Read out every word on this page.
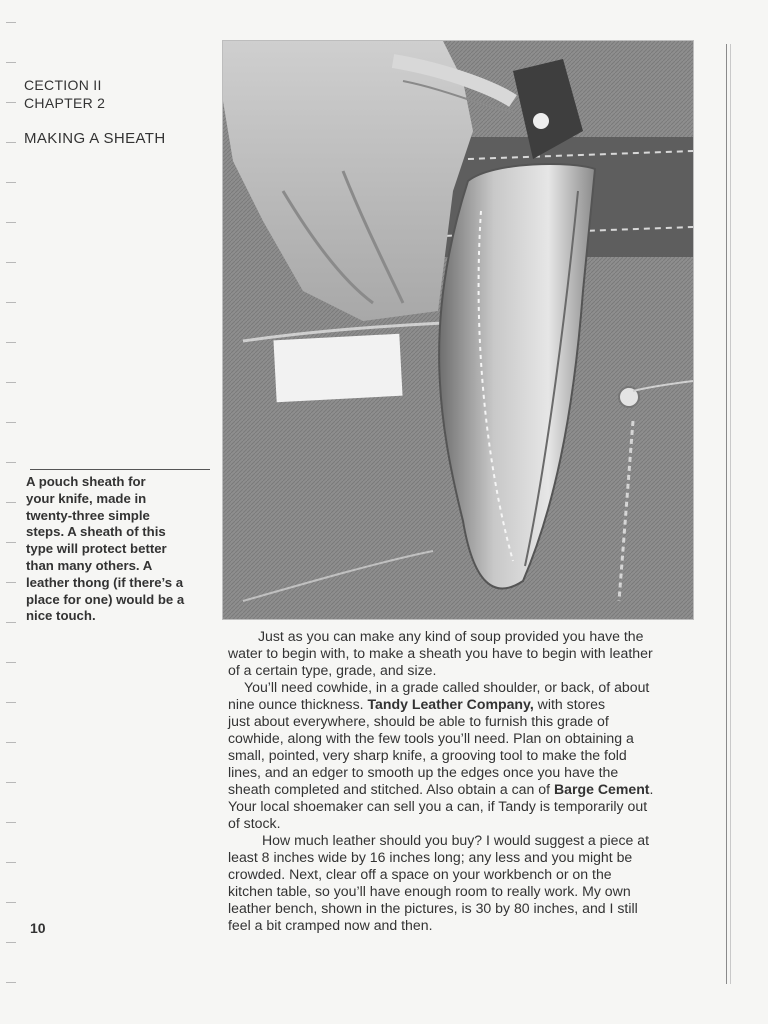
CECTION II
CHAPTER 2
MAKING A SHEATH
A pouch sheath for
your knife, made in
twenty-three simple
steps. A sheath of this
type will protect better
than many others. A
leather thong (if there’s a
place for one) would be a
nice touch.

Just as you can make any kind of soup provided you have the
water to begin with, to make a sheath you have to begin with leather
of a certain type, grade, and size.

You’ll need cowhide, in a grade called shoulder, or back, of about
nine ounce thickness. Tandy Leather Company, with stores
just about everywhere, should be able to furnish this grade of
cowhide, along with the few tools you’ll need. Plan on obtaining a
small, pointed, very sharp knife, a grooving tool to make the fold
lines, and an edger to smooth up the edges once you have the
sheath completed and stitched. Also obtain a can of Barge Cement.
Your local shoemaker can sell you a can, if Tandy is temporarily out
of stock.

How much leather should you buy? I would suggest a piece at
least 8 inches wide by 16 inches long; any less and you might be
crowded. Next, clear off a space on your workbench or on the
kitchen table, so you’ll have enough room to really work. My own
leather bench, shown in the pictures, is 30 by 80 inches, and I still
feel a bit cramped now and then.

10
